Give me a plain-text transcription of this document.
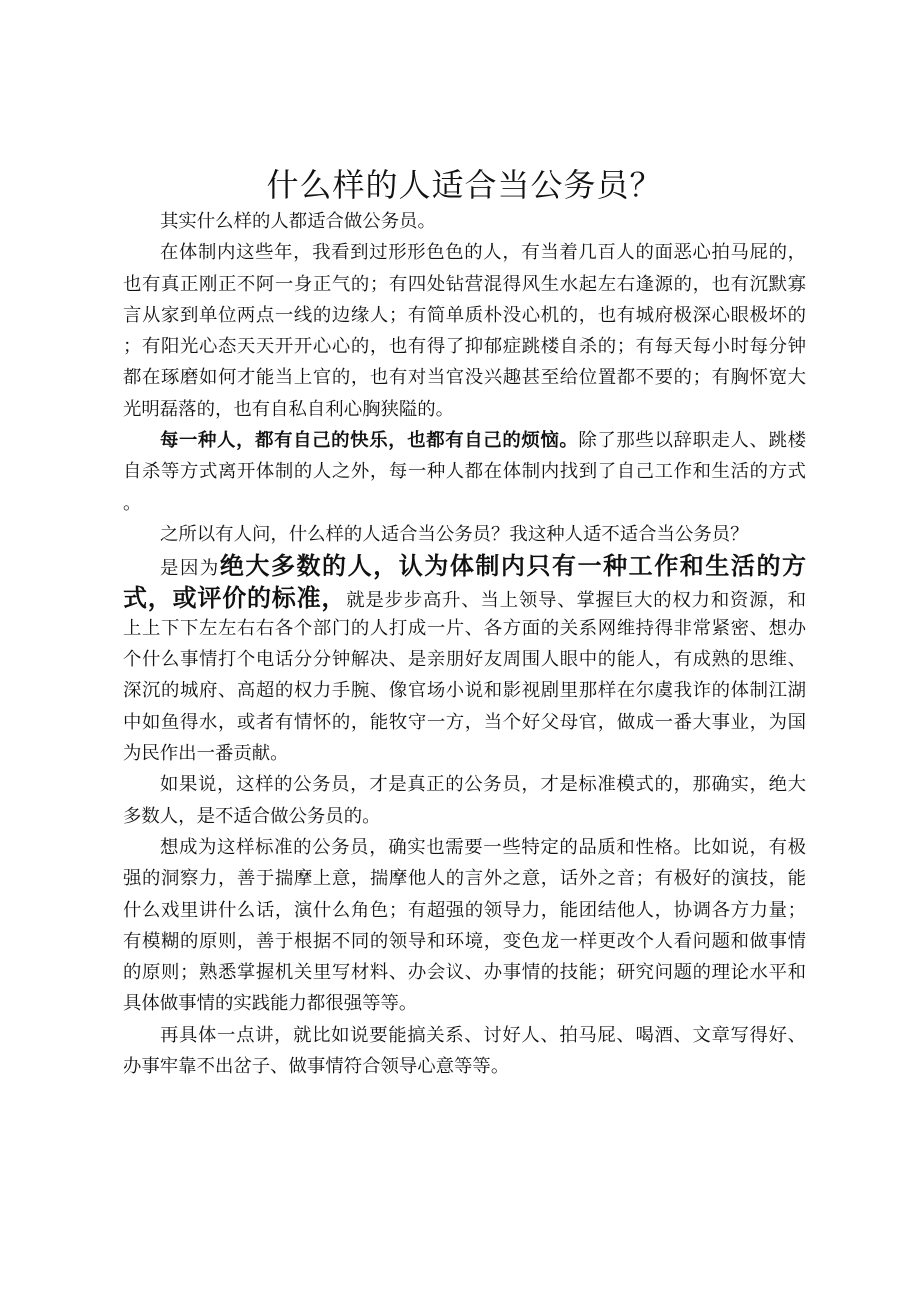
什么样的人适合当公务员？
其实什么样的人都适合做公务员。
在体制内这些年，我看到过形形色色的人，有当着几百人的面恶心拍马屁的，
也有真正刚正不阿一身正气的；有四处钻营混得风生水起左右逢源的，也有沉默寡
言从家到单位两点一线的边缘人；有简单质朴没心机的，也有城府极深心眼极坏的
；有阳光心态天天开开心心的，也有得了抑郁症跳楼自杀的；有每天每小时每分钟
都在琢磨如何才能当上官的，也有对当官没兴趣甚至给位置都不要的；有胸怀宽大
光明磊落的，也有自私自利心胸狭隘的。
每一种人，都有自己的快乐，也都有自己的烦恼。除了那些以辞职走人、跳楼
自杀等方式离开体制的人之外，每一种人都在体制内找到了自己工作和生活的方式
。
之所以有人问，什么样的人适合当公务员？我这种人适不适合当公务员？
是因为绝大多数的人，认为体制内只有一种工作和生活的方
式，或评价的标准，就是步步高升、当上领导、掌握巨大的权力和资源，和
上上下下左左右右各个部门的人打成一片、各方面的关系网维持得非常紧密、想办
个什么事情打个电话分分钟解决、是亲朋好友周围人眼中的能人，有成熟的思维、
深沉的城府、高超的权力手腕、像官场小说和影视剧里那样在尔虞我诈的体制江湖
中如鱼得水，或者有情怀的，能牧守一方，当个好父母官，做成一番大事业，为国
为民作出一番贡献。
如果说，这样的公务员，才是真正的公务员，才是标准模式的，那确实，绝大
多数人，是不适合做公务员的。
想成为这样标准的公务员，确实也需要一些特定的品质和性格。比如说，有极
强的洞察力，善于揣摩上意，揣摩他人的言外之意，话外之音；有极好的演技，能
什么戏里讲什么话，演什么角色；有超强的领导力，能团结他人，协调各方力量；
有模糊的原则，善于根据不同的领导和环境，变色龙一样更改个人看问题和做事情
的原则；熟悉掌握机关里写材料、办会议、办事情的技能；研究问题的理论水平和
具体做事情的实践能力都很强等等。
再具体一点讲，就比如说要能搞关系、讨好人、拍马屁、喝酒、文章写得好、
办事牢靠不出岔子、做事情符合领导心意等等。
